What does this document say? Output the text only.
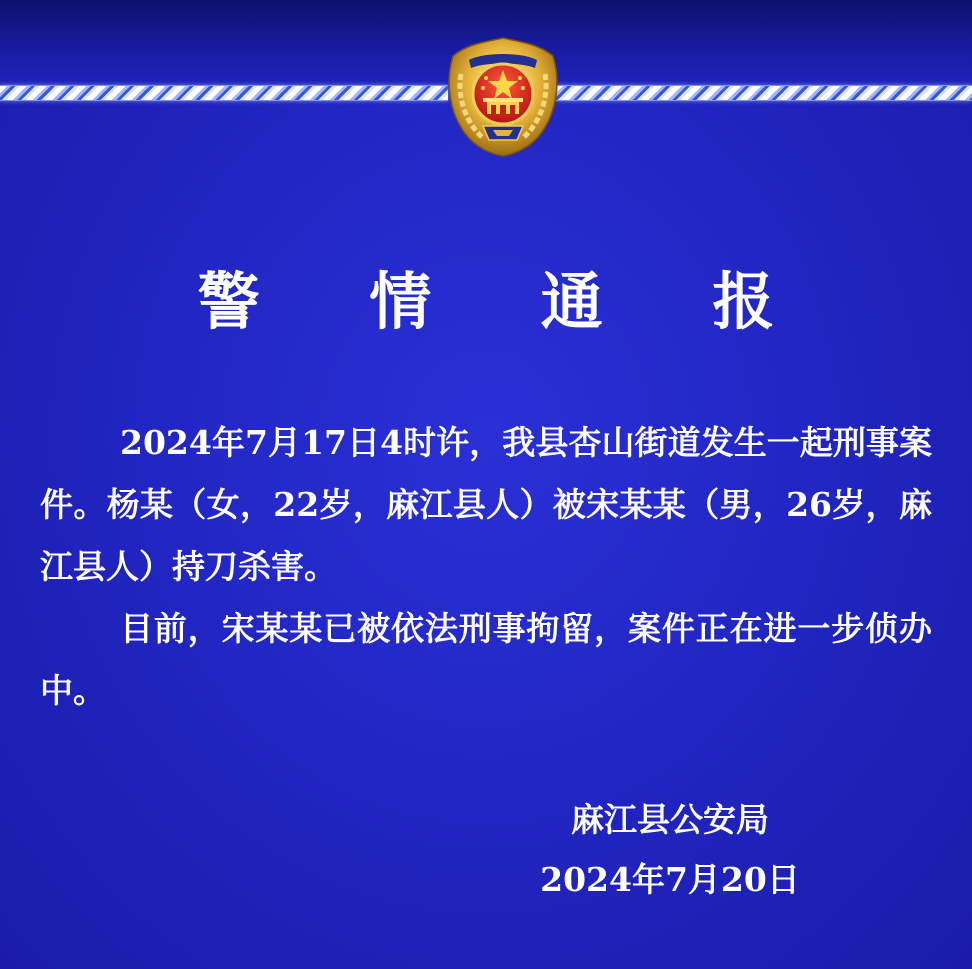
警 情 通 报

2024年7月17日4时许，我县杏山街道发生一起刑事案件。杨某（女，22岁，麻江县人）被宋某某（男，26岁，麻江县人）持刀杀害。

目前，宋某某已被依法刑事拘留，案件正在进一步侦办中。

麻江县公安局
2024年7月20日
